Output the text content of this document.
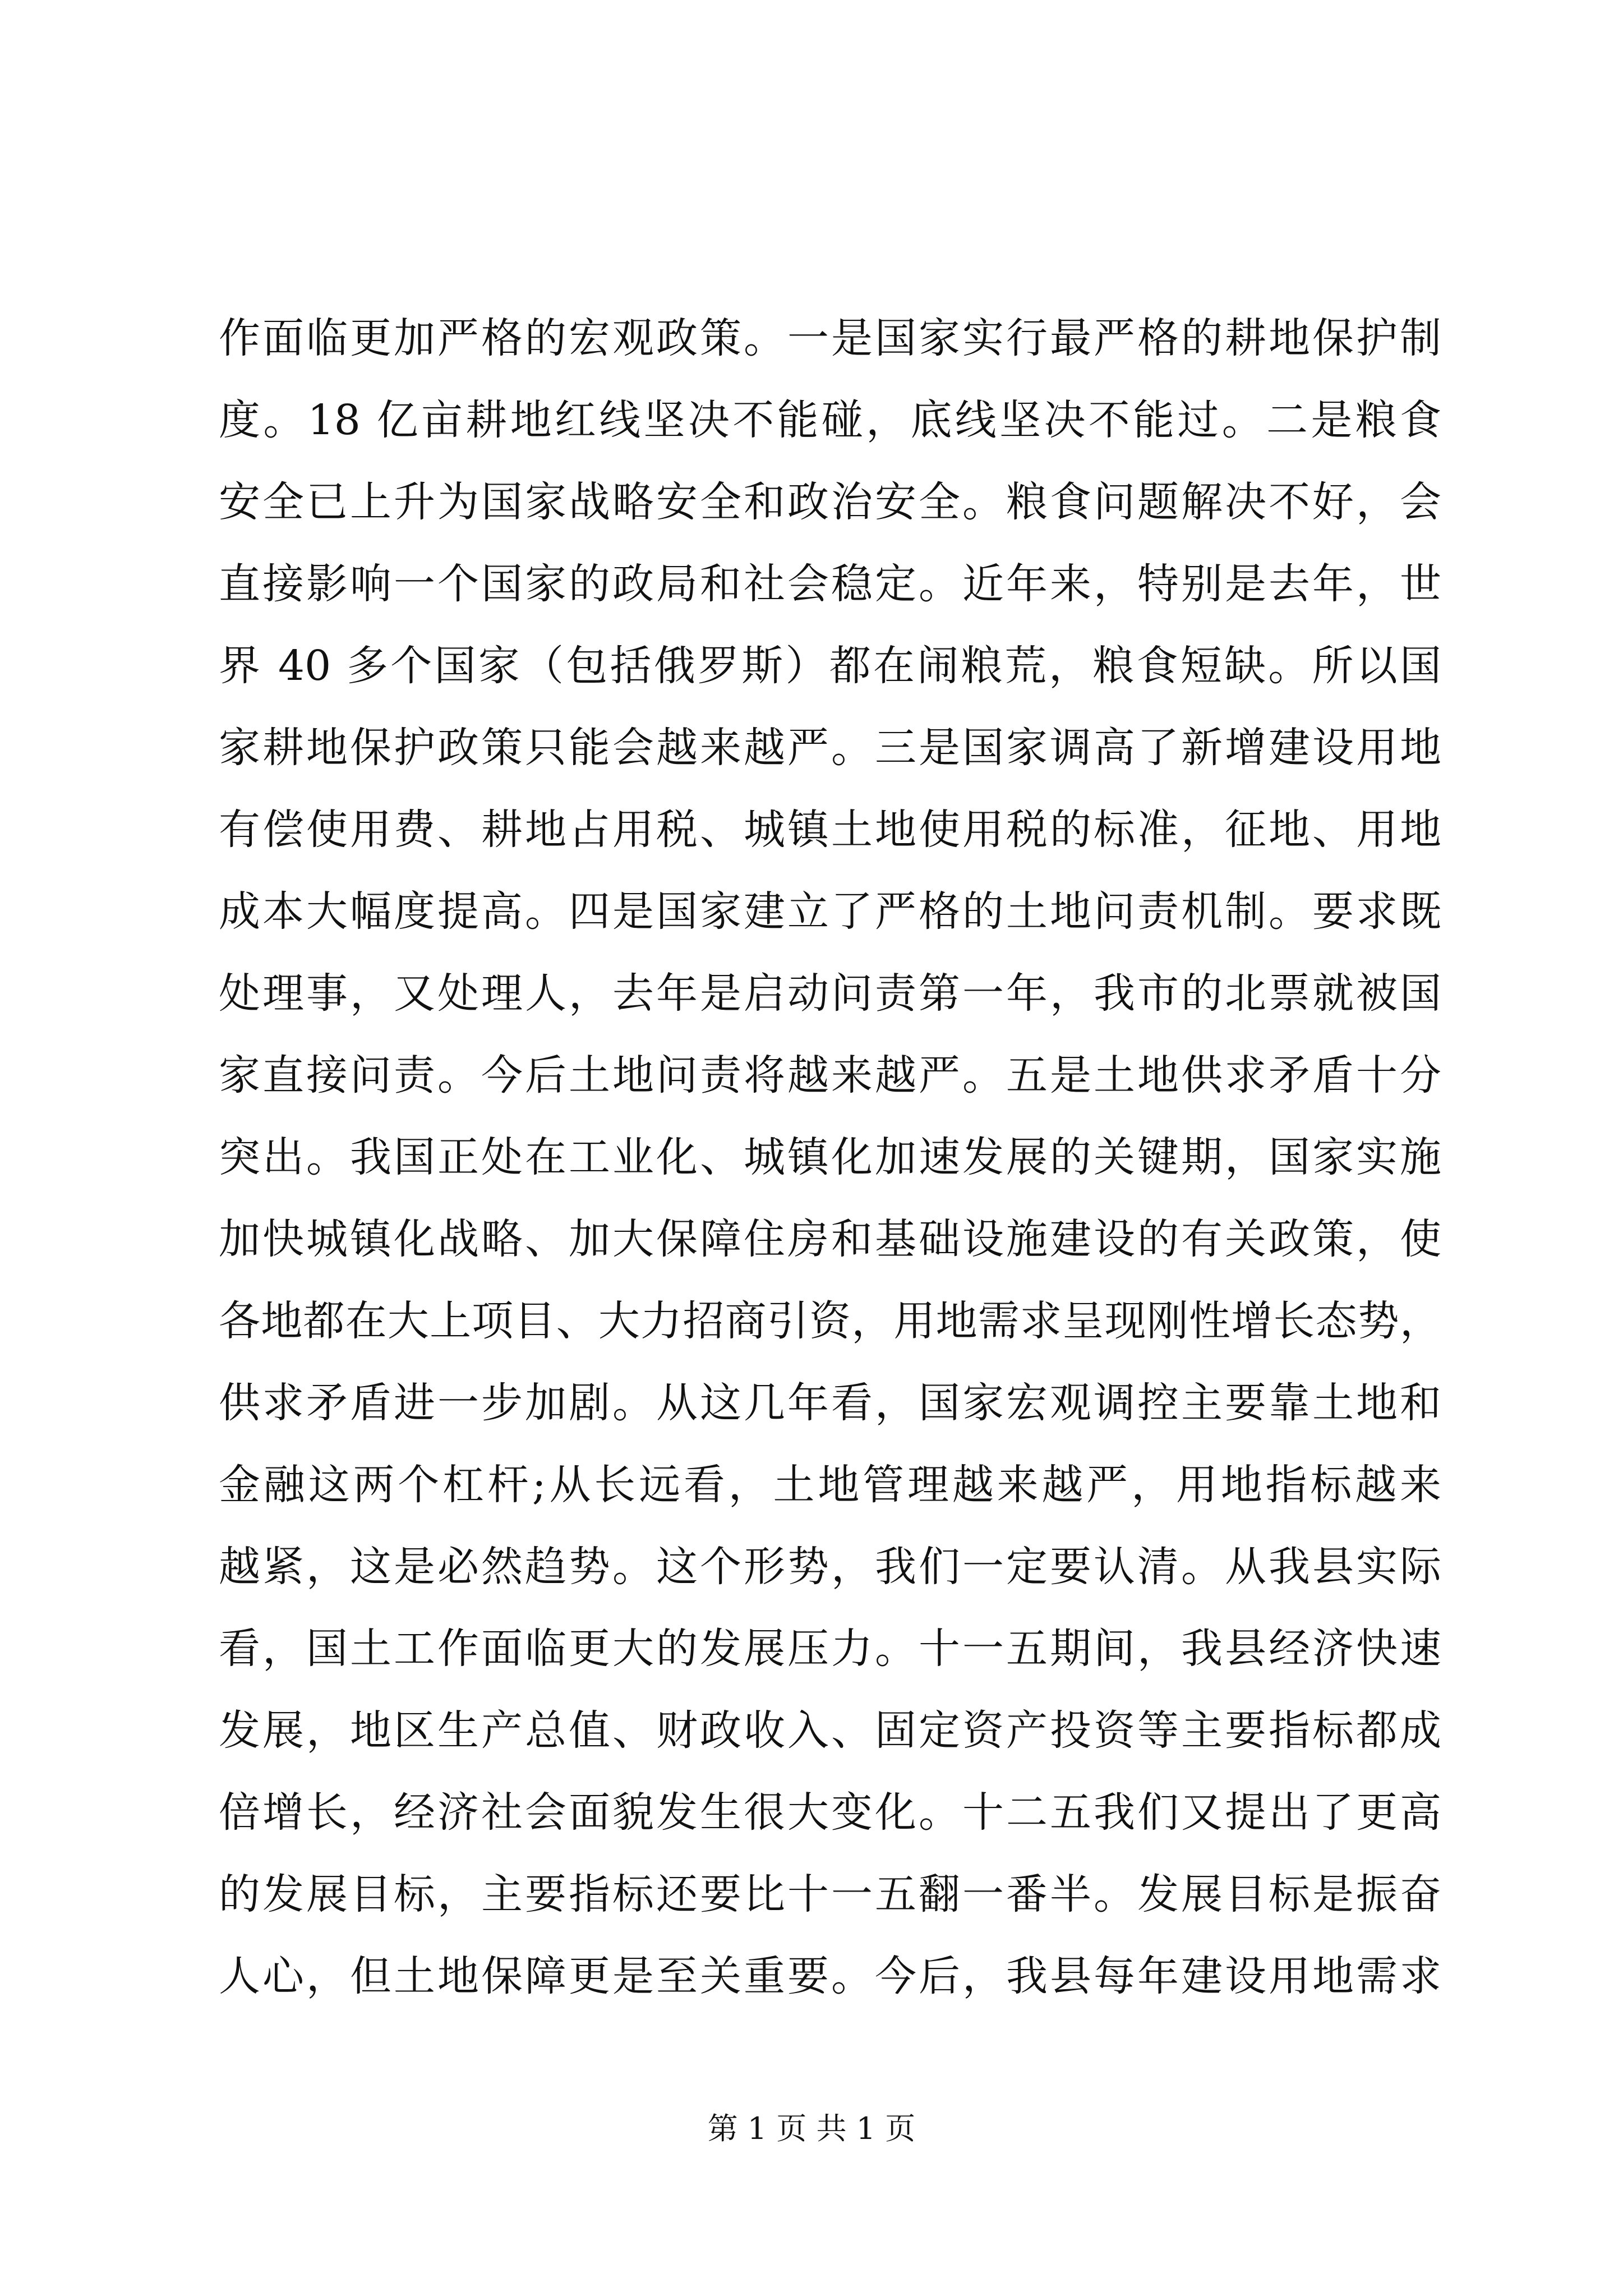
作面临更加严格的宏观政策。一是国家实行最严格的耕地保护制
度。18 亿亩耕地红线坚决不能碰，底线坚决不能过。二是粮食
安全已上升为国家战略安全和政治安全。粮食问题解决不好，会
直接影响一个国家的政局和社会稳定。近年来，特别是去年，世
界 40 多个国家（包括俄罗斯）都在闹粮荒，粮食短缺。所以国
家耕地保护政策只能会越来越严。三是国家调高了新增建设用地
有偿使用费、耕地占用税、城镇土地使用税的标准，征地、用地
成本大幅度提高。四是国家建立了严格的土地问责机制。要求既
处理事，又处理人，去年是启动问责第一年，我市的北票就被国
家直接问责。今后土地问责将越来越严。五是土地供求矛盾十分
突出。我国正处在工业化、城镇化加速发展的关键期，国家实施
加快城镇化战略、加大保障住房和基础设施建设的有关政策，使
各地都在大上项目、大力招商引资，用地需求呈现刚性增长态势，
供求矛盾进一步加剧。从这几年看，国家宏观调控主要靠土地和
金融这两个杠杆;从长远看，土地管理越来越严，用地指标越来
越紧，这是必然趋势。这个形势，我们一定要认清。从我县实际
看，国土工作面临更大的发展压力。十一五期间，我县经济快速
发展，地区生产总值、财政收入、固定资产投资等主要指标都成
倍增长，经济社会面貌发生很大变化。十二五我们又提出了更高
的发展目标，主要指标还要比十一五翻一番半。发展目标是振奋
人心，但土地保障更是至关重要。今后，我县每年建设用地需求
第 1 页 共 1 页
